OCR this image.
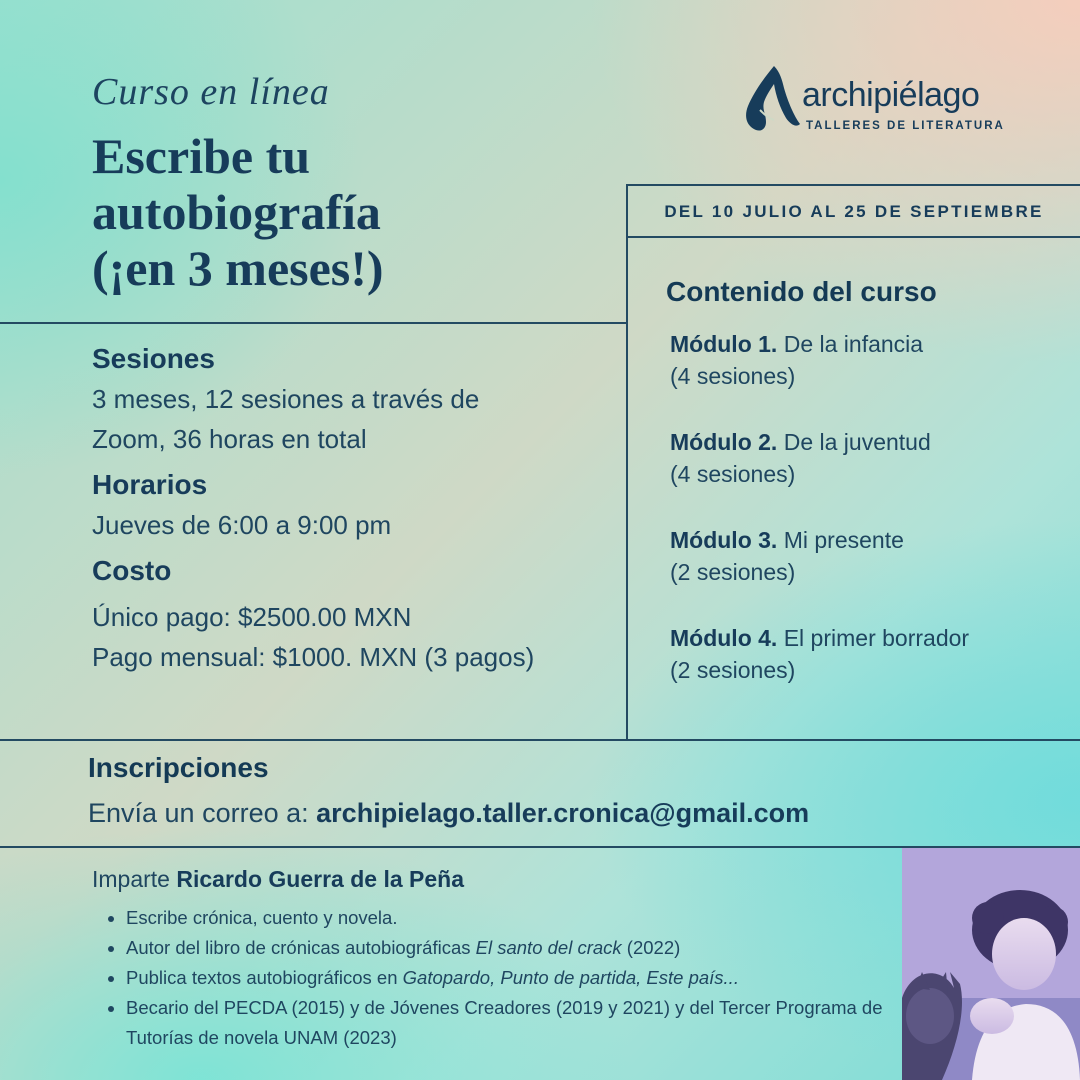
Curso en línea
Escribe tu
autobiografía
(¡en 3 meses!)
archipiélago
TALLERES DE LITERATURA
DEL 10 JULIO AL 25 DE SEPTIEMBRE
Sesiones
3 meses, 12 sesiones a través de
Zoom, 36 horas en total
Horarios
Jueves de 6:00 a 9:00 pm
Costo
Único pago: $2500.00 MXN
Pago mensual: $1000. MXN (3 pagos)
Contenido del curso
Módulo 1. De la infancia
(4 sesiones)
Módulo 2. De la juventud
(4 sesiones)
Módulo 3. Mi presente
(2 sesiones)
Módulo 4. El primer borrador
(2 sesiones)
Inscripciones
Envía un correo a: archipielago.taller.cronica@gmail.com
Imparte Ricardo Guerra de la Peña
• Escribe crónica, cuento y novela.
• Autor del libro de crónicas autobiográficas El santo del crack (2022)
• Publica textos autobiográficos en Gatopardo, Punto de partida, Este país...
• Becario del PECDA (2015) y de Jóvenes Creadores (2019 y 2021) y del Tercer Programa de Tutorías de novela UNAM (2023)
